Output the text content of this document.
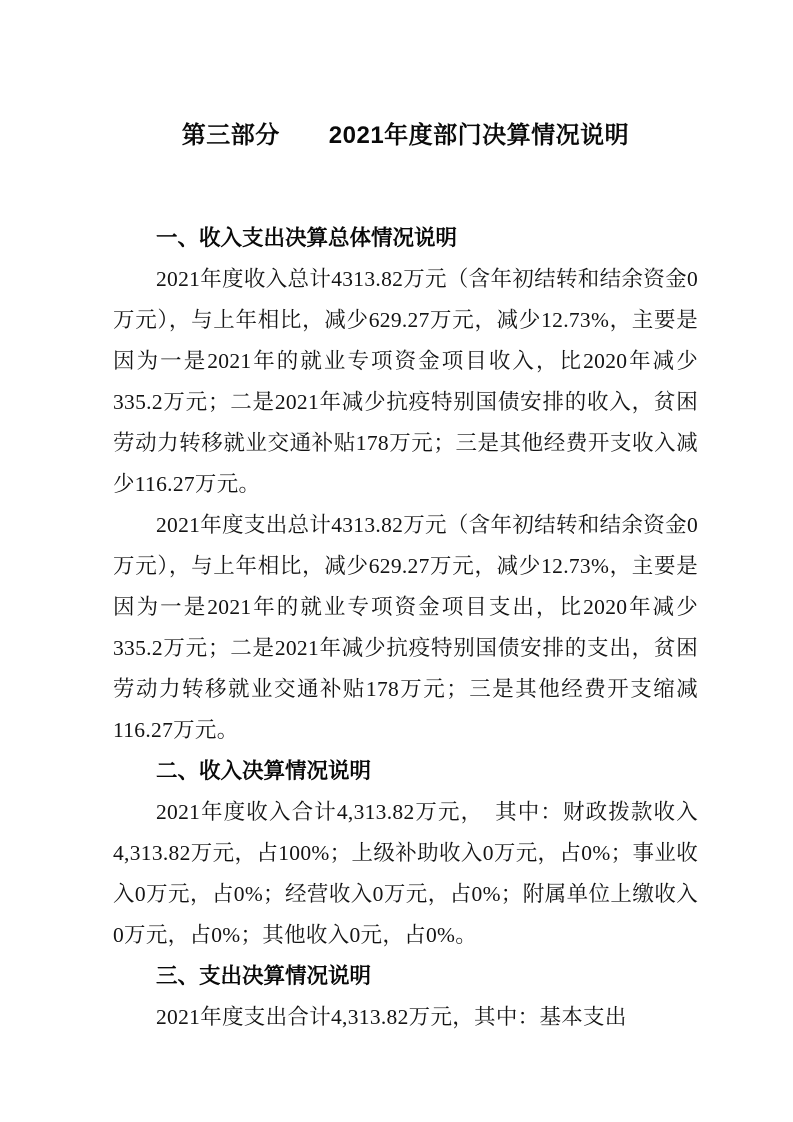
第三部分　　2021年度部门决算情况说明
一、收入支出决算总体情况说明

2021年度收入总计4313.82万元（含年初结转和结余资金0万元），与上年相比，减少629.27万元，减少12.73%，主要是因为一是2021年的就业专项资金项目收入，比2020年减少335.2万元；二是2021年减少抗疫特别国债安排的收入，贫困劳动力转移就业交通补贴178万元；三是其他经费开支收入减少116.27万元。

2021年度支出总计4313.82万元（含年初结转和结余资金0万元），与上年相比，减少629.27万元，减少12.73%，主要是因为一是2021年的就业专项资金项目支出，比2020年减少335.2万元；二是2021年减少抗疫特别国债安排的支出，贫困劳动力转移就业交通补贴178万元；三是其他经费开支缩减116.27万元。

二、收入决算情况说明

2021年度收入合计4,313.82万元，　其中：财政拨款收入4,313.82万元，占100%；上级补助收入0万元，占0%；事业收入0万元，占0%；经营收入0万元，占0%；附属单位上缴收入0万元，占0%；其他收入0元，占0%。

三、支出决算情况说明

2021年度支出合计4,313.82万元，其中：基本支出
